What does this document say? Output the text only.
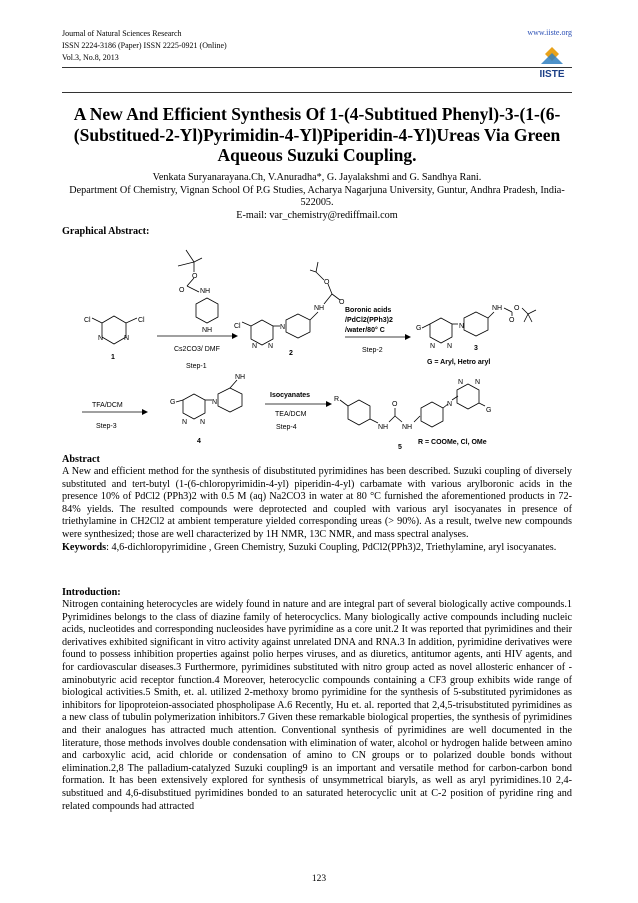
Journal of Natural Sciences Research
ISSN 2224-3186 (Paper) ISSN 2225-0921 (Online)
Vol.3, No.8, 2013
www.iiste.org
IISTE
A New And Efficient Synthesis Of 1-(4-Subtitued Phenyl)-3-(1-(6-(Substitued-2-Yl)Pyrimidin-4-Yl)Piperidin-4-Yl)Ureas Via Green Aqueous Suzuki Coupling.
Venkata Suryanarayana.Ch, V.Anuradha*, G. Jayalakshmi and G. Sandhya Rani.
Department Of Chemistry, Vignan School Of P.G Studies, Acharya Nagarjuna University, Guntur, Andhra Pradesh, India-522005.
E-mail: var_chemistry@rediffmail.com
Graphical Abstract:
Cl	Cl
N	N
1
O
O NH
NH
Cs2CO3/ DMF
Step-1
Cl
N N
N
NH
O
O
2
Boronic acids
/PdCl2(PPh3)2
/water/80° C
Step-2
G
N N
N
NH
O
O
3
G = Aryl, Hetro aryl
TFA/DCM
Step-3
G
N N
N
NH
4
Isocyanates
TEA/DCM
Step-4
R
NH
O
NH
N
N N
G
5
R = COOMe, Cl, OMe
Abstract

A New and efficient method for the synthesis of disubstituted pyrimidines has been described. Suzuki coupling of diversely substituted and tert-butyl (1-(6-chloropyrimidin-4-yl) piperidin-4-yl) carbamate with various arylboronic acids in the presence 10% of PdCl2 (PPh3)2 with 0.5 M (aq) Na2CO3 in water at 80 °C furnished the aforementioned products in 72-84% yields. The resulted compounds were deprotected and coupled with various aryl isocyanates in presence of triethylamine in CH2Cl2 at ambient temperature yielded corresponding ureas (> 90%). As a result, twelve new compounds were synthesized; those are well characterized by 1H NMR, 13C NMR, and mass spectral analyses.

Keywords: 4,6-dichloropyrimidine , Green Chemistry, Suzuki Coupling, PdCl2(PPh3)2, Triethylamine, aryl isocyanates.

Introduction:

Nitrogen containing heterocycles are widely found in nature and are integral part of several biologically active compounds.1 Pyrimidines belongs to the class of diazine family of heterocyclics. Many biologically active compounds including nucleic acids, nucleotides and corresponding nucleosides have pyrimidine as a core unit.2 It was reported that pyrimidines and their derivatives exhibited significant in vitro activity against unrelated DNA and RNA.3 In addition, pyrimidine derivatives were found to possess inhibition properties against polio herpes viruses, and as diuretics, antitumor agents, anti HIV agents, and for cardiovascular diseases.3 Furthermore, pyrimidines substituted with nitro group acted as novel allosteric enhancer of -aminobutyric acid receptor function.4 Moreover, heterocyclic compounds containing a CF3 group exhibits wide range of biological activities.5 Smith, et. al. utilized 2-methoxy bromo pyrimidine for the synthesis of 5-substituted pyrimidones as inhibitors for lipoproteion-associated phospholipase A.6 Recently, Hu et. al. reported that 2,4,5-trisubstituted pyrimidines as a new class of tubulin polymerization inhibitors.7 Given these remarkable biological properties, the synthesis of pyrimidines and their analogues has attracted much attention. Conventional synthesis of pyrimidines are well documented in the literature, those methods involves double condensation with elimination of water, alcohol or hydrogen halide between amino and carboxylic acid, acid chloride or condensation of amino to CN groups or to polarized double bonds without elimination.2,8 The palladium-catalyzed Suzuki coupling9 is an important and versatile method for carbon-carbon bond formation. It has been extensively explored for synthesis of unsymmetrical biaryls, as well as aryl pyrimidines.10 2,4-substitued and 4,6-disubstitued pyrimidines bonded to an saturated heterocyclic unit at C-2 position of pyridine ring and related compounds had attracted

123
